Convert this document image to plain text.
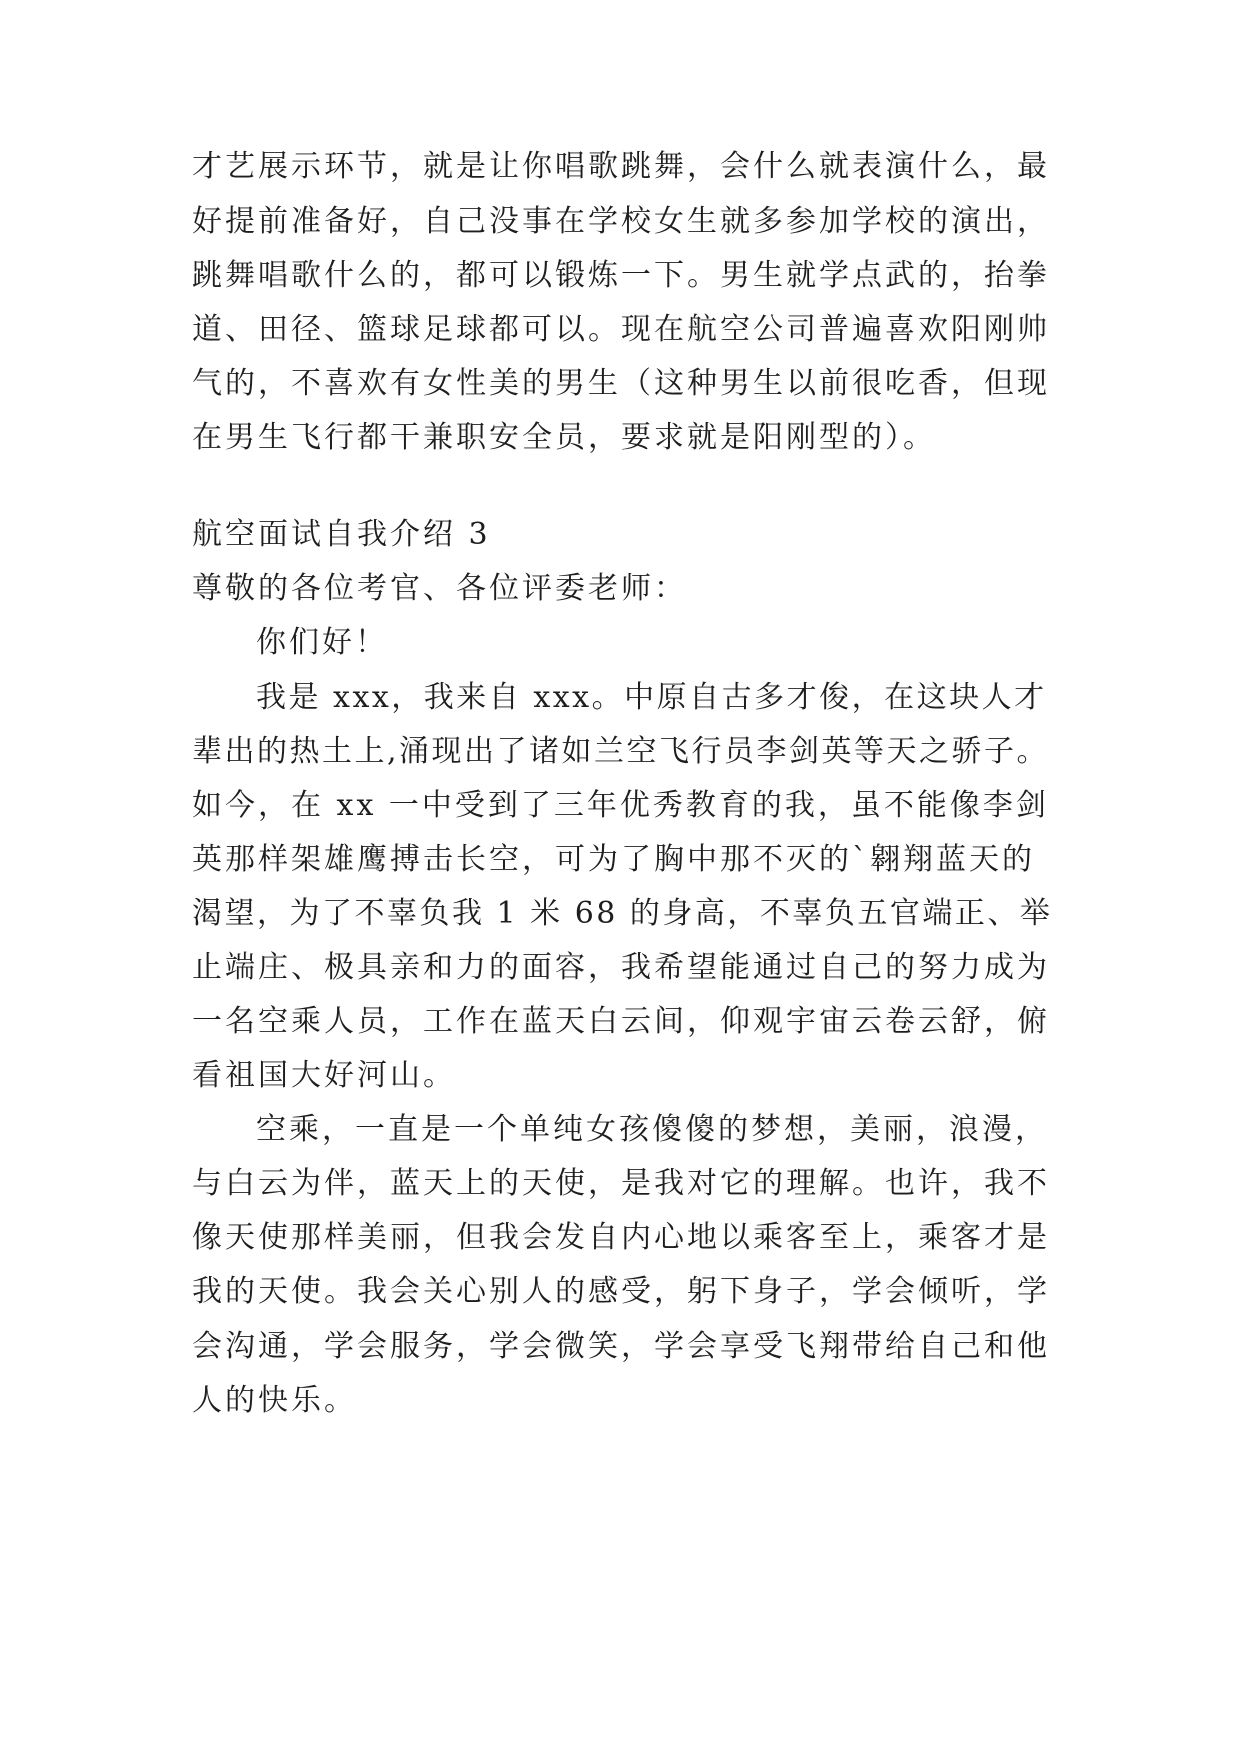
才艺展示环节，就是让你唱歌跳舞，会什么就表演什么，最
好提前准备好，自己没事在学校女生就多参加学校的演出，
跳舞唱歌什么的，都可以锻炼一下。男生就学点武的，抬拳
道、田径、篮球足球都可以。现在航空公司普遍喜欢阳刚帅
气的，不喜欢有女性美的男生（这种男生以前很吃香，但现
在男生飞行都干兼职安全员，要求就是阳刚型的）。
航空面试自我介绍 3
尊敬的各位考官、各位评委老师：
你们好！
我是 xxx，我来自 xxx。中原自古多才俊，在这块人才
辈出的热土上,涌现出了诸如兰空飞行员李剑英等天之骄子。
如今，在 xx 一中受到了三年优秀教育的我，虽不能像李剑
英那样架雄鹰搏击长空，可为了胸中那不灭的`翱翔蓝天的
渴望，为了不辜负我 1 米 68 的身高，不辜负五官端正、举
止端庄、极具亲和力的面容，我希望能通过自己的努力成为
一名空乘人员，工作在蓝天白云间，仰观宇宙云卷云舒，俯
看祖国大好河山。
空乘，一直是一个单纯女孩傻傻的梦想，美丽，浪漫，
与白云为伴，蓝天上的天使，是我对它的理解。也许，我不
像天使那样美丽，但我会发自内心地以乘客至上，乘客才是
我的天使。我会关心别人的感受，躬下身子，学会倾听，学
会沟通，学会服务，学会微笑，学会享受飞翔带给自己和他
人的快乐。
